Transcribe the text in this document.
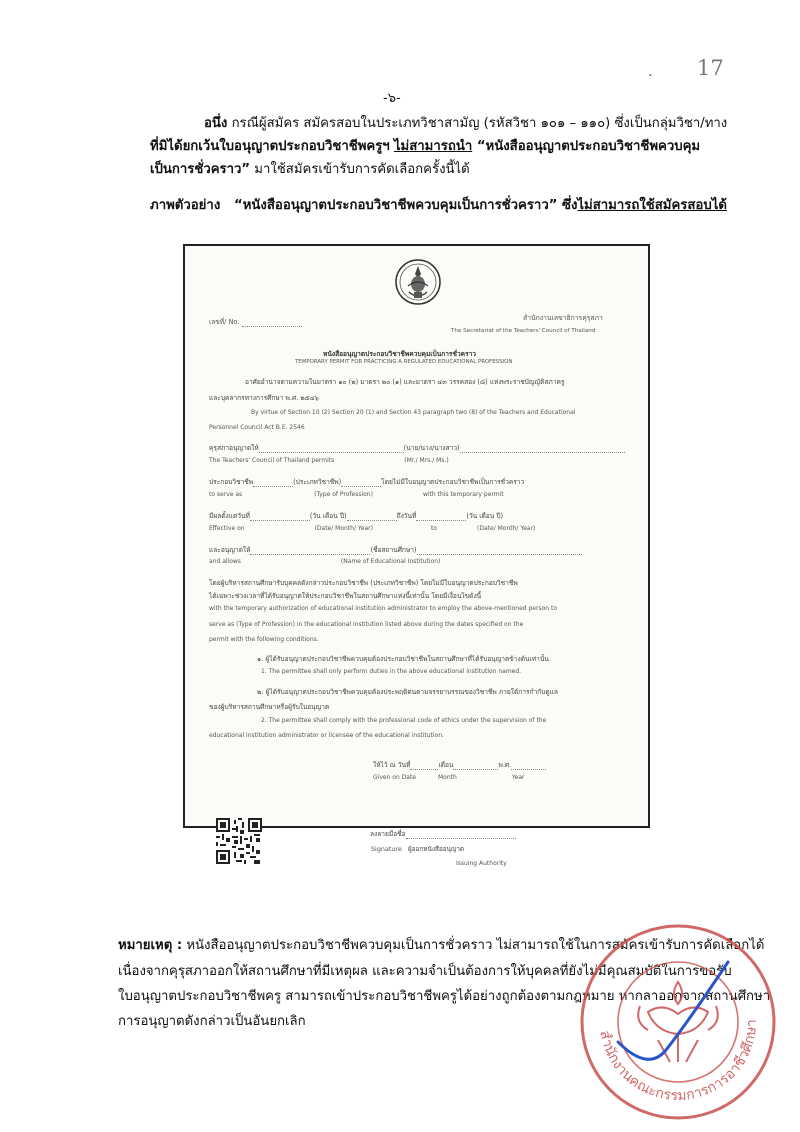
17
.
-๖-
อนึ่ง กรณีผู้สมัคร สมัครสอบในประเภทวิชาสามัญ (รหัสวิชา ๑๐๑ – ๑๑๐) ซึ่งเป็นกลุ่มวิชา/ทาง
ที่มิได้ยกเว้นใบอนุญาตประกอบวิชาชีพครูฯ ไม่สามารถนำ “หนังสืออนุญาตประกอบวิชาชีพควบคุม
เป็นการชั่วคราว” มาใช้สมัครเข้ารับการคัดเลือกครั้งนี้ได้
ภาพตัวอย่าง “หนังสืออนุญาตประกอบวิชาชีพควบคุมเป็นการชั่วคราว” ซึ่งไม่สามารถใช้สมัครสอบได้
เลขที่/ No.	สำนักงานเลขาธิการคุรุสภา
The Secretariat of the Teachers' Council of Thailand
หนังสืออนุญาตประกอบวิชาชีพควบคุมเป็นการชั่วคราว
TEMPORARY PERMIT FOR PRACTICING A REGULATED EDUCATIONAL PROFESSION
อาศัยอำนาจตามความในมาตรา ๑๐ (๒) มาตรา ๒๐ (๑) และมาตรา ๔๓ วรรคสอง (๘) แห่งพระราชบัญญัติสภาครู
และบุคลากรทางการศึกษา พ.ศ. ๒๕๔๖
By virtue of Section 10 (2) Section 20 (1) and Section 43 paragraph two (8) of the Teachers and Educational
Personnel Council Act B.E. 2546
คุรุสภาอนุญาตให้	(นาย/นาง/นางสาว)
The Teachers' Council of Thailand permits	(Mr./ Mrs./ Ms.)
ประกอบวิชาชีพ	(ประเภทวิชาชีพ)	โดยไม่มีใบอนุญาตประกอบวิชาชีพเป็นการชั่วคราว
to serve as	(Type of Profession)	with this temporary permit
มีผลตั้งแต่วันที่	(วัน เดือน ปี)	ถึงวันที่	(วัน เดือน ปี)
Effective on	(Date/ Month/ Year)	to	(Date/ Month/ Year)
และอนุญาตให้	(ชื่อสถานศึกษา)
and allows	(Name of Educational Institution)
โดยผู้บริหารสถานศึกษารับบุคคลดังกล่าวประกอบวิชาชีพ (ประเภทวิชาชีพ) โดยไม่มีใบอนุญาตประกอบวิชาชีพ
ได้เฉพาะช่วงเวลาที่ได้รับอนุญาตให้ประกอบวิชาชีพในสถานศึกษาแห่งนี้เท่านั้น โดยมีเงื่อนไขดังนี้
with the temporary authorization of educational institution administrator to employ the above-mentioned person to
serve as (Type of Profession) in the educational institution listed above during the dates specified on the
permit with the following conditions.
๑. ผู้ได้รับอนุญาตประกอบวิชาชีพควบคุมต้องประกอบวิชาชีพในสถานศึกษาที่ได้รับอนุญาตข้างต้นเท่านั้น
1. The permittee shall only perform duties in the above educational institution named.
๒. ผู้ได้รับอนุญาตประกอบวิชาชีพควบคุมต้องประพฤติตนตามจรรยาบรรณของวิชาชีพ ภายใต้การกำกับดูแล
ของผู้บริหารสถานศึกษาหรือผู้รับใบอนุญาต
2. The permittee shall comply with the professional code of ethics under the supervision of the
educational institution administrator or licensee of the educational institution.
ให้ไว้ ณ วันที่	เดือน	พ.ศ.
Given on Date	Month	Year
ลงลายมือชื่อ
Signature ผู้ออกหนังสืออนุญาต
Issuing Authority
หมายเหตุ : หนังสืออนุญาตประกอบวิชาชีพควบคุมเป็นการชั่วคราว ไม่สามารถใช้ในการสมัครเข้ารับการคัดเลือกได้
เนื่องจากคุรุสภาออกให้สถานศึกษาที่มีเหตุผล และความจำเป็นต้องการให้บุคคลที่ยังไม่มีคุณสมบัติในการขอรับ
ใบอนุญาตประกอบวิชาชีพครู สามารถเข้าประกอบวิชาชีพครูได้อย่างถูกต้องตามกฎหมาย หากลาออกจากสถานศึกษา
การอนุญาตดังกล่าวเป็นอันยกเลิก
สำนักงานคณะกรรมการการอาชีวศึกษา
